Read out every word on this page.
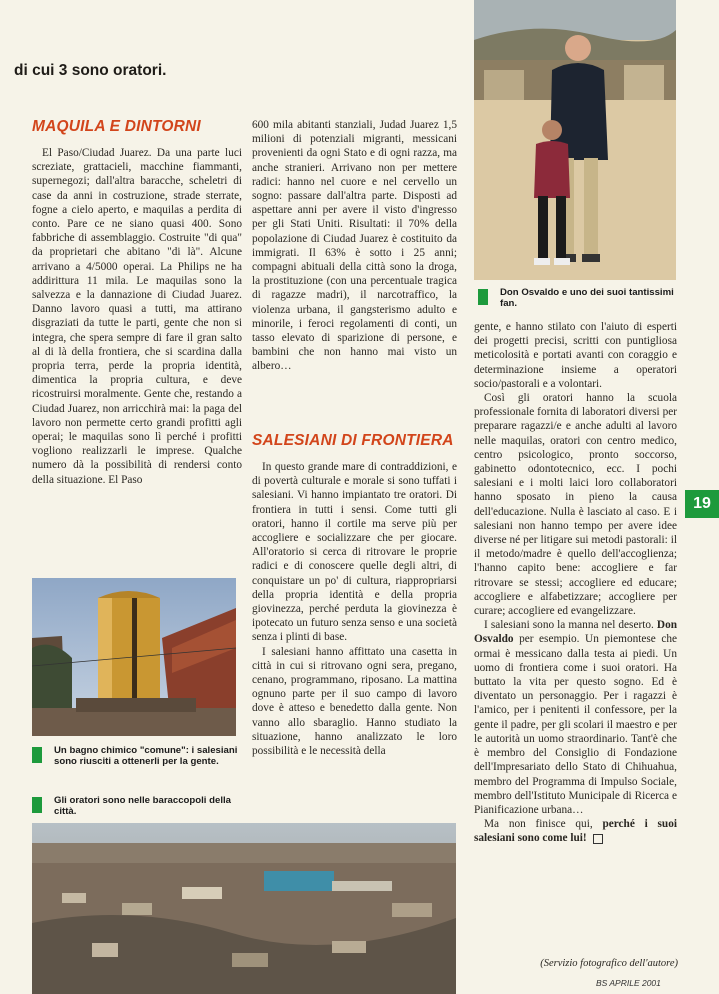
di cui 3 sono oratori.
MAQUILA E DINTORNI

El Paso/Ciudad Juarez. Da una parte luci screziate, grattacieli, macchine fiammanti, supernegozi; dall'altra baracche, scheletri di case da anni in costruzione, strade sterrate, fogne a cielo aperto, e maquilas a perdita di conto. Pare ce ne siano quasi 400. Sono fabbriche di assemblaggio. Costruite "di qua" da proprietari che abitano "di là". Alcune arrivano a 4/5000 operai. La Philips ne ha addirittura 11 mila. Le maquilas sono la salvezza e la dannazione di Ciudad Juarez. Danno lavoro quasi a tutti, ma attirano disgraziati da tutte le parti, gente che non si integra, che spera sempre di fare il gran salto al di là della frontiera, che si scardina dalla propria terra, perde la propria identità, dimentica la propria cultura, e deve ricostruirsi moralmente. Gente che, restando a Ciudad Juarez, non arricchirà mai: la paga del lavoro non permette certo grandi profitti agli operai; le maquilas sono lì perché i profitti vogliono realizzarli le imprese. Qualche numero dà la possibilità di rendersi conto della situazione. El Paso

Un bagno chimico "comune": i salesiani sono riusciti a ottenerli per la gente.
Gli oratori sono nelle baraccopoli della città.

600 mila abitanti stanziali, Judad Juarez 1,5 milioni di potenziali migranti, messicani provenienti da ogni Stato e di ogni razza, ma anche stranieri. Arrivano non per mettere radici: hanno nel cuore e nel cervello un sogno: passare dall'altra parte. Disposti ad aspettare anni per avere il visto d'ingresso per gli Stati Uniti. Risultati: il 70% della popolazione di Ciudad Juarez è costituito da immigrati. Il 63% è sotto i 25 anni; compagni abituali della città sono la droga, la prostituzione (con una percentuale tragica di ragazze madri), il narcotraffico, la violenza urbana, il gangsterismo adulto e minorile, i feroci regolamenti di conti, un tasso elevato di sparizione di persone, e bambini che non hanno mai visto un albero…

SALESIANI DI FRONTIERA

In questo grande mare di contraddizioni, e di povertà culturale e morale si sono tuffati i salesiani. Vi hanno impiantato tre oratori. Di frontiera in tutti i sensi. Come tutti gli oratori, hanno il cortile ma serve più per accogliere e socializzare che per giocare. All'oratorio si cerca di ritrovare le proprie radici e di conoscere quelle degli altri, di conquistare un po' di cultura, riappropriarsi della propria identità e della propria giovinezza, perché perduta la giovinezza è ipotecato un futuro senza senso e una società senza i plinti di base.

I salesiani hanno affittato una casetta in città in cui si ritrovano ogni sera, pregano, cenano, programmano, riposano. La mattina ognuno parte per il suo campo di lavoro dove è atteso e benedetto dalla gente. Non vanno allo sbaraglio. Hanno studiato la situazione, hanno analizzato le loro possibilità e le necessità della

Don Osvaldo e uno dei suoi tantissimi fan.

gente, e hanno stilato con l'aiuto di esperti dei progetti precisi, scritti con puntigliosa meticolosità e portati avanti con coraggio e determinazione insieme a operatori socio/pastorali e a volontari.

Così gli oratori hanno la scuola professionale fornita di laboratori diversi per preparare ragazzi/e e anche adulti al lavoro nelle maquilas, oratori con centro medico, centro psicologico, pronto soccorso, gabinetto odontotecnico, ecc. I pochi salesiani e i molti laici loro collaboratori hanno sposato in pieno la causa dell'educazione. Nulla è lasciato al caso. E i salesiani non hanno tempo per avere idee diverse né per litigare sui metodi pastorali: il il metodo/madre è quello dell'accoglienza; l'hanno capito bene: accogliere e far ritrovare se stessi; accogliere ed educare; accogliere e alfabetizzare; accogliere per curare; accogliere ed evangelizzare.

I salesiani sono la manna nel deserto. Don Osvaldo per esempio. Un piemontese che ormai è messicano dalla testa ai piedi. Un uomo di frontiera come i suoi oratori. Ha buttato la vita per questo sogno. Ed è diventato un personaggio. Per i ragazzi è l'amico, per i penitenti il confessore, per la gente il padre, per gli scolari il maestro e per le autorità un uomo straordinario. Tant'è che è membro del Consiglio di Fondazione dell'Impresariato dello Stato di Chihuahua, membro del Programma di Impulso Sociale, membro dell'Istituto Municipale di Ricerca e Pianificazione urbana…

Ma non finisce qui, perché i suoi salesiani sono come lui!

(Servizio fotografico dell'autore)
19
BS APRILE 2001
